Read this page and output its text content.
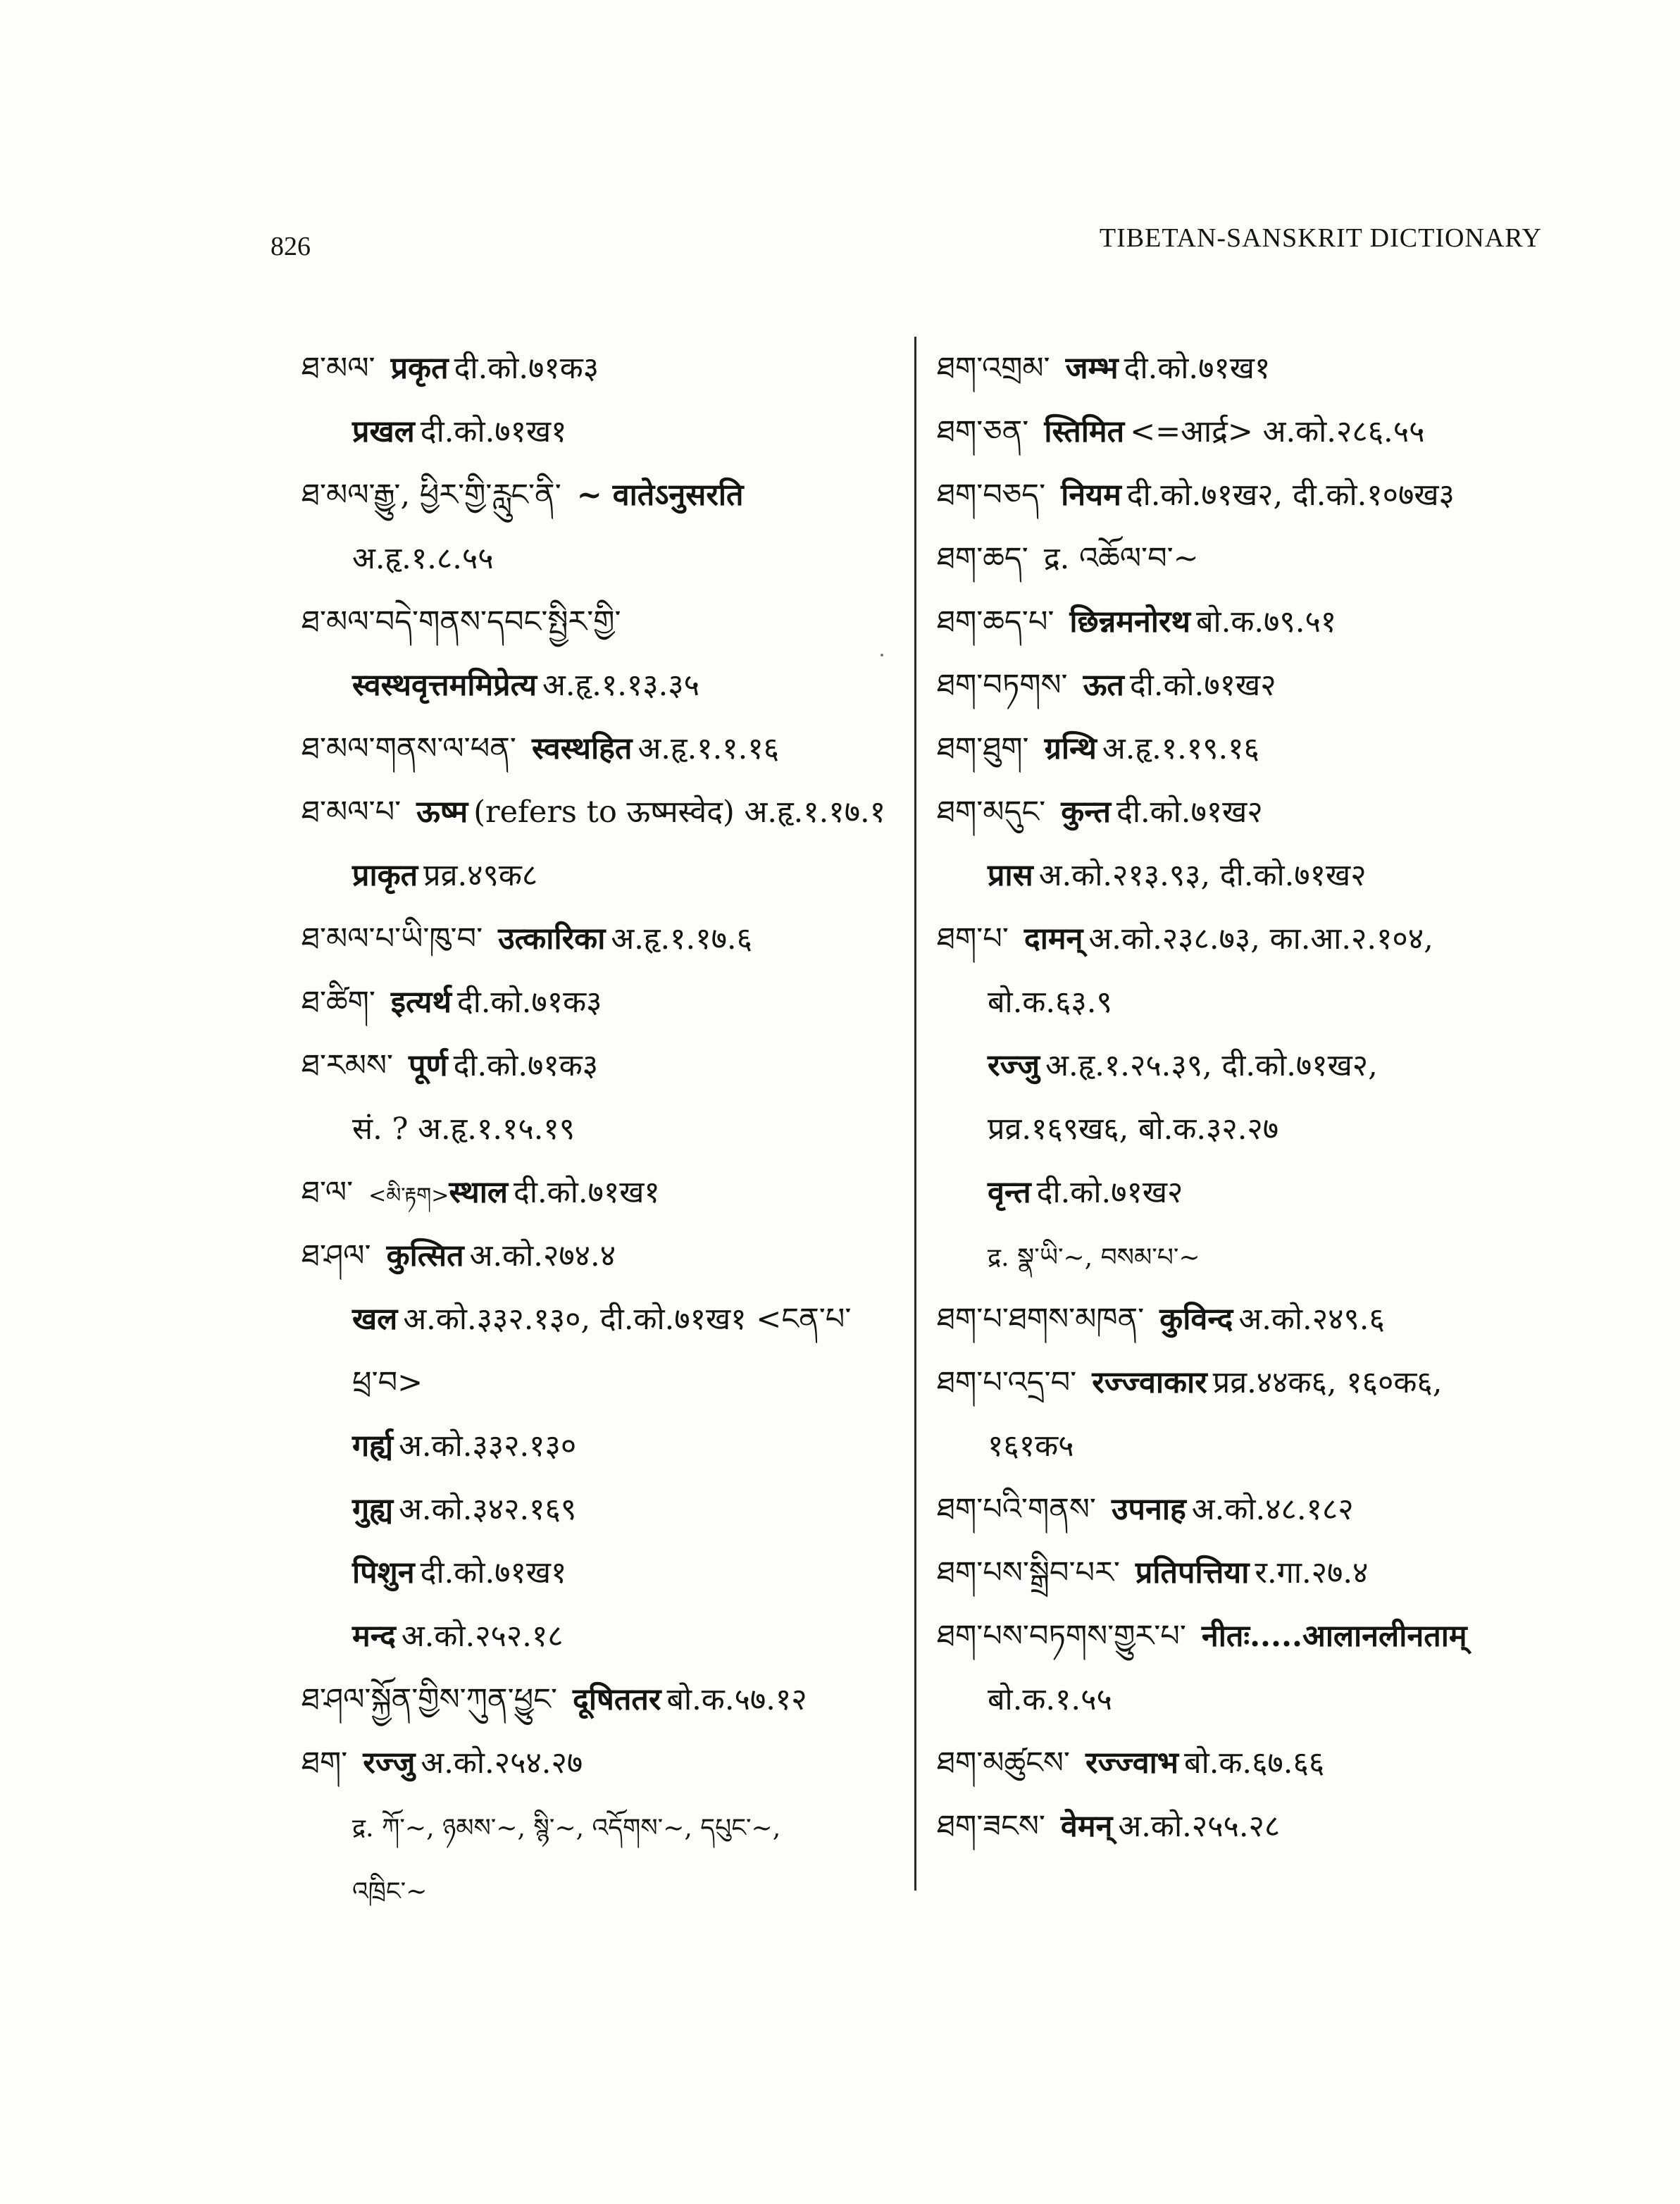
826	TIBETAN-SANSKRIT DICTIONARY
ཐ་མལ་ प्रकृत दी.को.७१क३
प्रखल दी.को.७१ख१
ཐ་མལ་རྒྱུ་, ཕྱིར་གྱི་རླུང་ནི་ ~ वातेऽनुसरति
अ.हृ.१.८.५५
ཐ་མལ་བདེ་གནས་དབང་སྤྱིར་གྱི་
स्वस्थवृत्तममिप्रेत्य अ.हृ.१.१३.३५
ཐ་མལ་གནས་ལ་ཕན་ स्वस्थहित अ.हृ.१.१.१६
ཐ་མལ་པ་ ऊष्म (refers to ऊष्मस्वेद) अ.हृ.१.१७.१
प्राकृत प्रव्र.४९क८
ཐ་མལ་པ་ཡི་ཁུ་བ་ उत्कारिका अ.हृ.१.१७.६
ཐ་ཚིག་ इत्यर्थ दी.को.७१क३
ཐ་རམས་ पूर्ण दी.को.७१क३
सं. ? अ.हृ.१.१५.१९
ཐ་ལ་ <མི་རྟག>स्थाल दी.को.७१ख१
ཐ་ཤལ་ कुत्सित अ.को.२७४.४
खल अ.को.३३२.१३०, दी.को.७१ख१ <ངན་པ་
ཕྲ་བ>
गर्ह्य अ.को.३३२.१३०
गुह्य अ.को.३४२.१६९
पिशुन दी.को.७१ख१
मन्द अ.को.२५२.१८
ཐ་ཤལ་སྐྱོན་གྱིས་ཀུན་ཕྱུང་ दूषिततर बो.क.५७.१२
ཐག་ रज्जु अ.को.२५४.२७
द्र. ཀོ་~, ཉམས་~, སྙི་~, འདོགས་~, དཔུང་~,
འཁྲིང་~
ཐག་འགྲམ་ जम्भ दी.को.७१ख१
ཐག་ཅན་ स्तिमित <=आर्द्र> अ.को.२८६.५५
ཐག་བཅད་ नियम दी.को.७१ख२, दी.को.१०७ख३
ཐག་ཆད་ द्र. འཆོལ་བ་~
ཐག་ཆད་པ་ छिन्नमनोरथ बो.क.७९.५१
ཐག་བཏགས་ ऊत दी.को.७१ख२
ཐག་ཐུག་ ग्रन्थि अ.हृ.१.१९.१६
ཐག་མདུང་ कुन्त दी.को.७१ख२
प्रास अ.को.२१३.९३, दी.को.७१ख२
ཐག་པ་ दामन् अ.को.२३८.७३, का.आ.२.१०४,
बो.क.६३.९
रज्जु अ.हृ.१.२५.३९, दी.को.७१ख२,
प्रव्र.१६९ख६, बो.क.३२.२७
वृन्त दी.को.७१ख२
द्र. སྣ་ཡི་~, བསམ་པ་~
ཐག་པ་ཐགས་མཁན་ कुविन्द अ.को.२४९.६
ཐག་པ་འདྲ་བ་ रज्ज्वाकार प्रव्र.४४क६, १६०क६,
१६१क५
ཐག་པའི་གནས་ उपनाह अ.को.४८.१८२
ཐག་པས་སྒྲིབ་པར་ प्रतिपत्तिया र.गा.२७.४
ཐག་པས་བཏགས་གྱུར་པ་ नीतः.....आलानलीनताम्
बो.क.१.५५
ཐག་མཚུངས་ रज्ज्वाभ बो.क.६७.६६
ཐག་ཟངས་ वेमन् अ.को.२५५.२८
